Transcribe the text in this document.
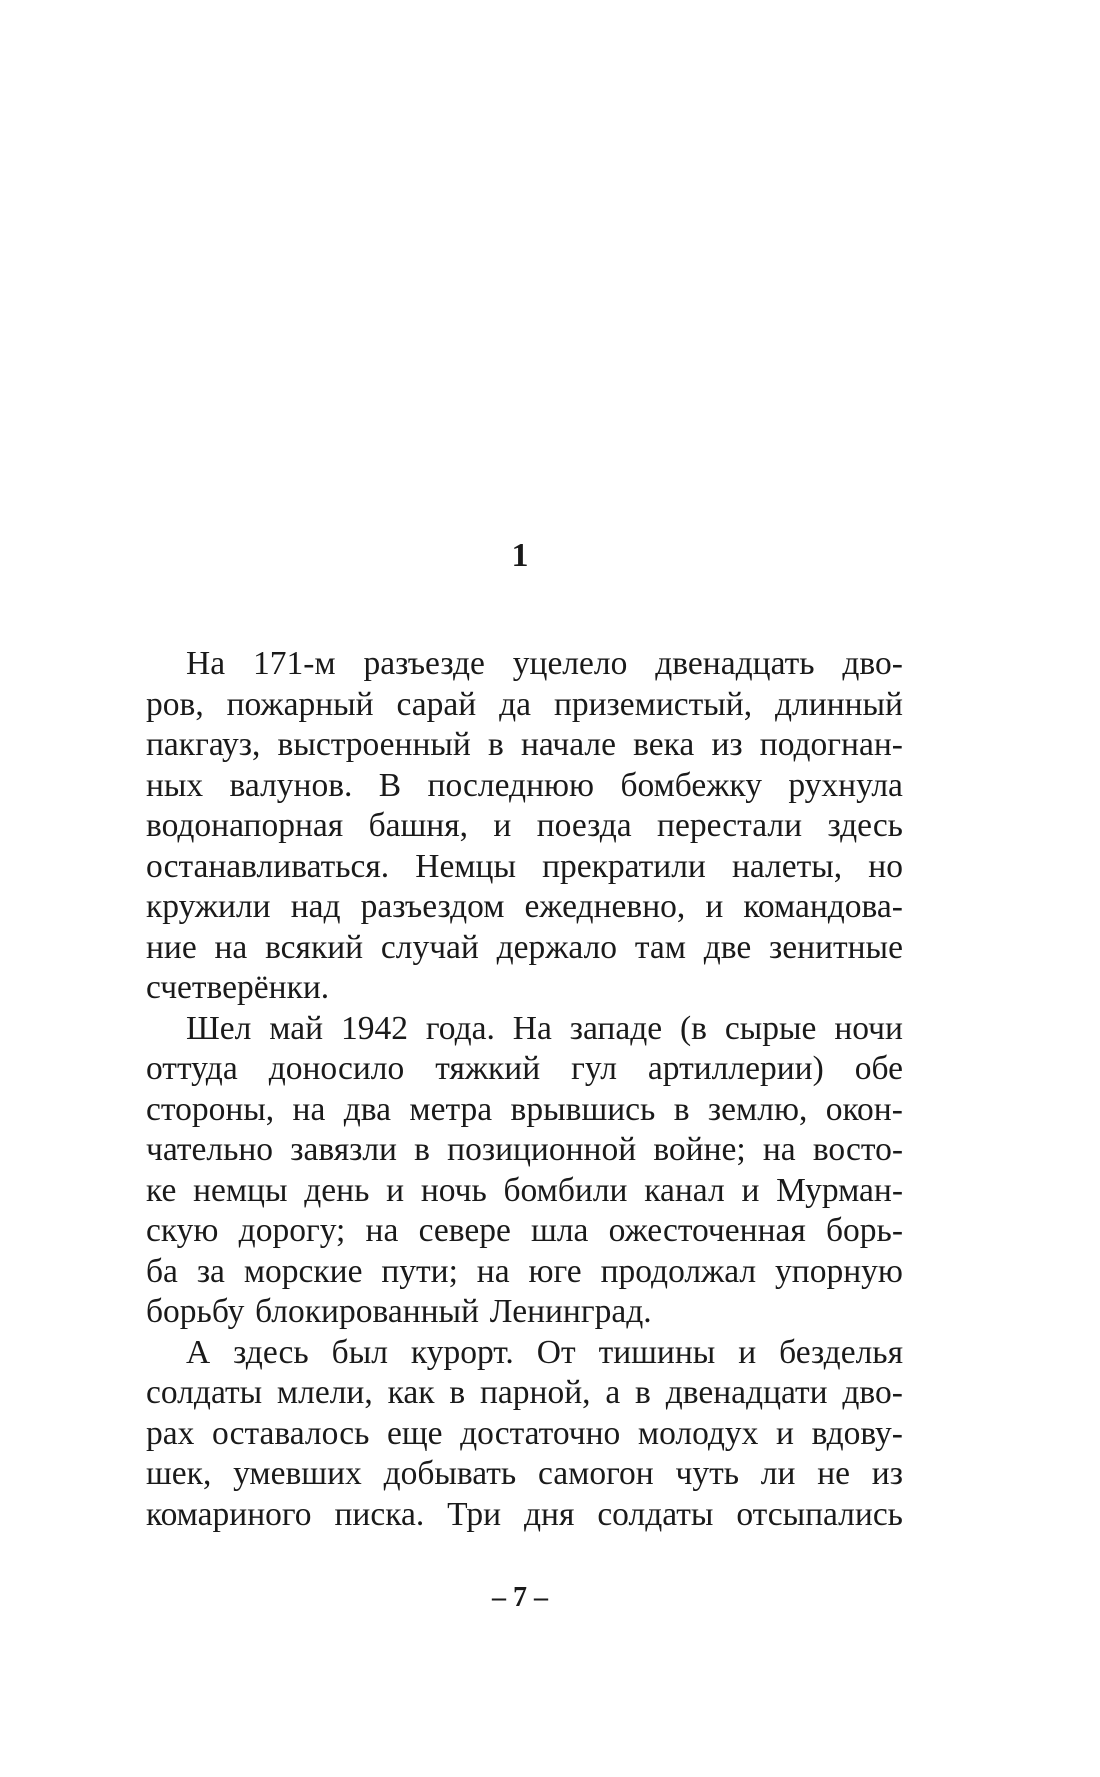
1
На 171-м разъезде уцелело двенадцать дво-
ров, пожарный сарай да приземистый, длинный
пакгауз, выстроенный в начале века из подогнан-
ных валунов. В последнюю бомбежку рухнула
водонапорная башня, и поезда перестали здесь
останавливаться. Немцы прекратили налеты, но
кружили над разъездом ежедневно, и командова-
ние на всякий случай держало там две зенитные
счетверёнки.
Шел май 1942 года. На западе (в сырые ночи
оттуда доносило тяжкий гул артиллерии) обе
стороны, на два метра врывшись в землю, окон-
чательно завязли в позиционной войне; на восто-
ке немцы день и ночь бомбили канал и Мурман-
скую дорогу; на севере шла ожесточенная борь-
ба за морские пути; на юге продолжал упорную
борьбу блокированный Ленинград.
А здесь был курорт. От тишины и безделья
солдаты млели, как в парной, а в двенадцати дво-
рах оставалось еще достаточно молодух и вдову-
шек, умевших добывать самогон чуть ли не из
комариного писка. Три дня солдаты отсыпались
– 7 –
